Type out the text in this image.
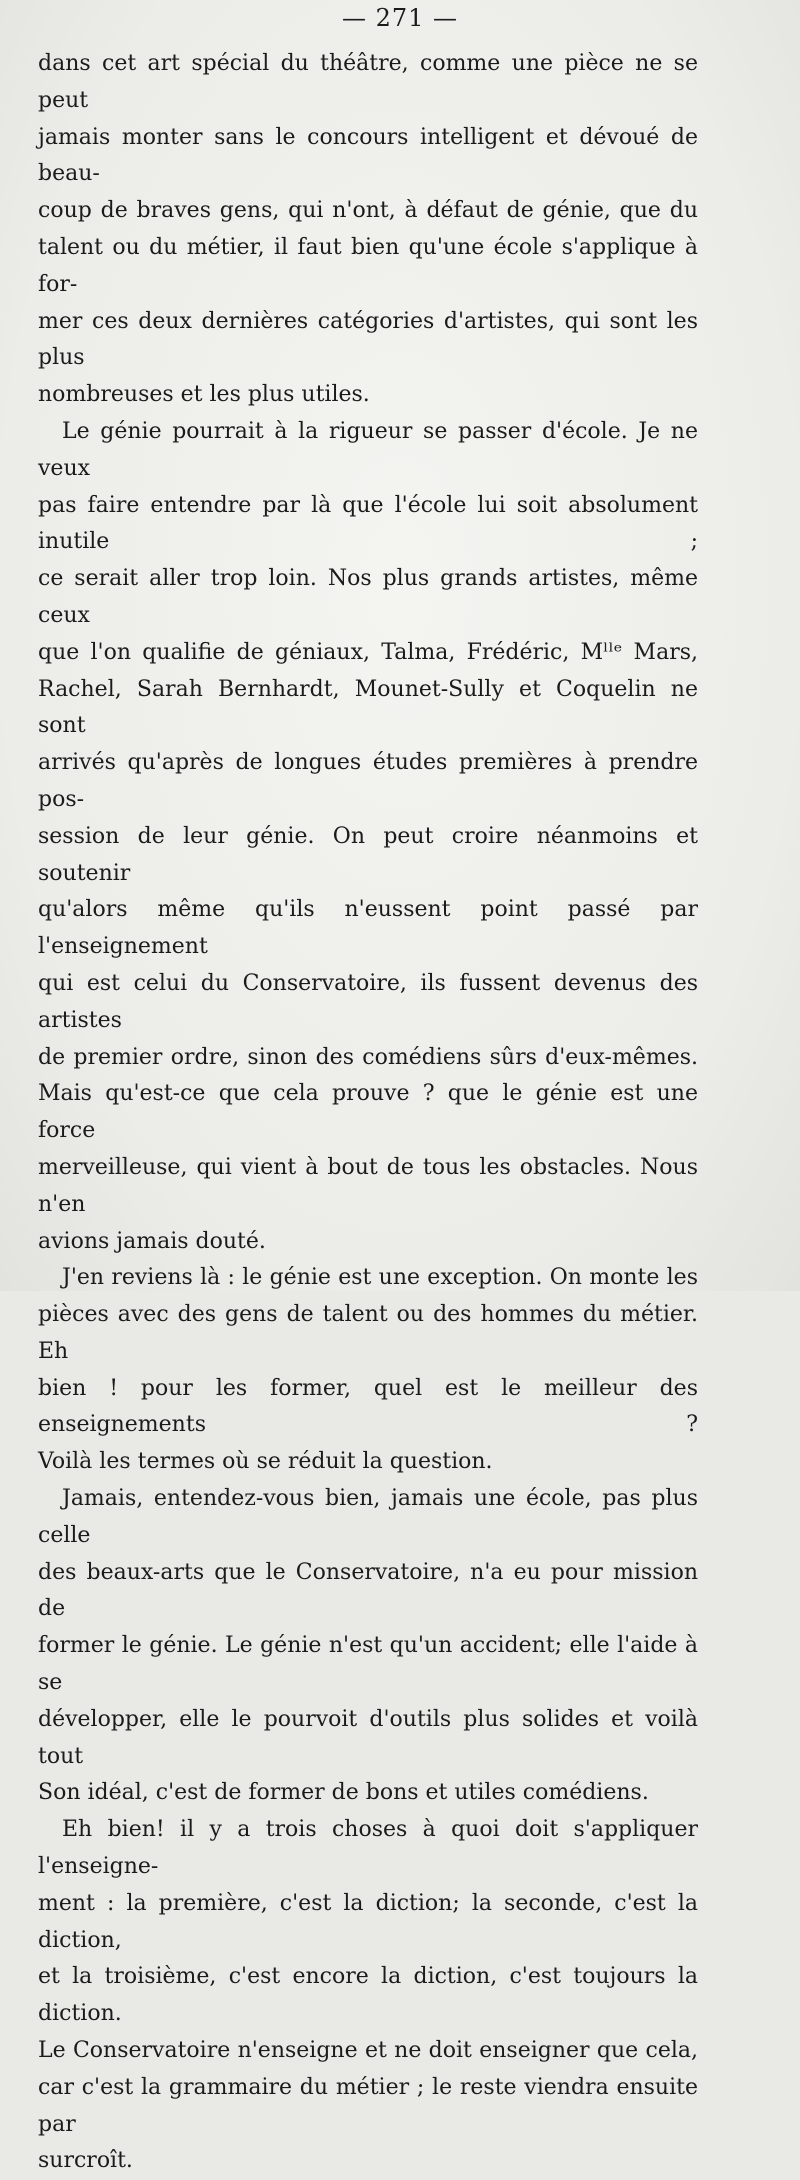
— 271 —
dans cet art spécial du théâtre, comme une pièce ne se peut
jamais monter sans le concours intelligent et dévoué de beau-
coup de braves gens, qui n'ont, à défaut de génie, que du
talent ou du métier, il faut bien qu'une école s'applique à for-
mer ces deux dernières catégories d'artistes, qui sont les plus
nombreuses et les plus utiles.
Le génie pourrait à la rigueur se passer d'école. Je ne veux
pas faire entendre par là que l'école lui soit absolument inutile ;
ce serait aller trop loin. Nos plus grands artistes, même ceux
que l'on qualifie de géniaux, Talma, Frédéric, Mˡˡᵉ Mars,
Rachel, Sarah Bernhardt, Mounet-Sully et Coquelin ne sont
arrivés qu'après de longues études premières à prendre pos-
session de leur génie. On peut croire néanmoins et soutenir
qu'alors même qu'ils n'eussent point passé par l'enseignement
qui est celui du Conservatoire, ils fussent devenus des artistes
de premier ordre, sinon des comédiens sûrs d'eux-mêmes.
Mais qu'est-ce que cela prouve ? que le génie est une force
merveilleuse, qui vient à bout de tous les obstacles. Nous n'en
avions jamais douté.
J'en reviens là : le génie est une exception. On monte les
pièces avec des gens de talent ou des hommes du métier. Eh
bien ! pour les former, quel est le meilleur des enseignements ?
Voilà les termes où se réduit la question.
Jamais, entendez-vous bien, jamais une école, pas plus celle
des beaux-arts que le Conservatoire, n'a eu pour mission de
former le génie. Le génie n'est qu'un accident; elle l'aide à se
développer, elle le pourvoit d'outils plus solides et voilà tout
Son idéal, c'est de former de bons et utiles comédiens.
Eh bien! il y a trois choses à quoi doit s'appliquer l'enseigne-
ment : la première, c'est la diction; la seconde, c'est la diction,
et la troisième, c'est encore la diction, c'est toujours la diction.
Le Conservatoire n'enseigne et ne doit enseigner que cela,
car c'est la grammaire du métier ; le reste viendra ensuite par
surcroît.
